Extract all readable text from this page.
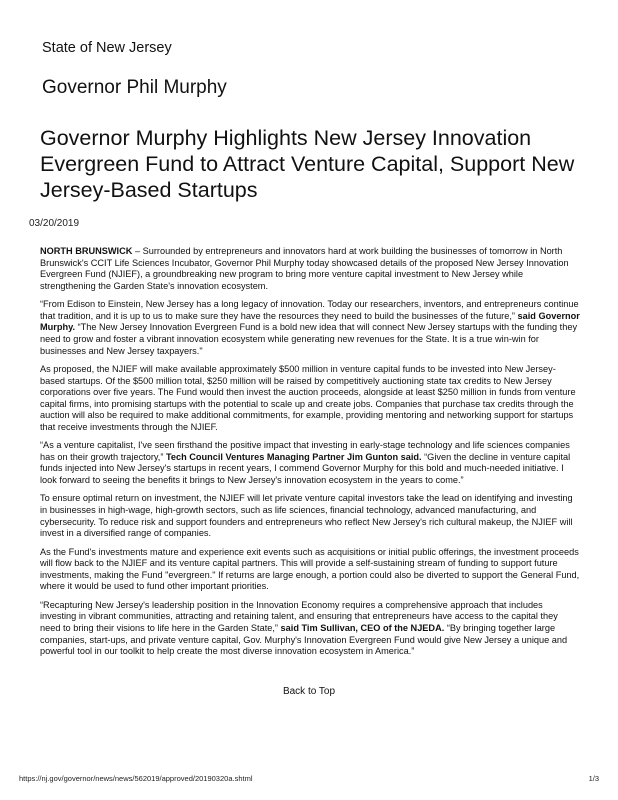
State of New Jersey
Governor Phil Murphy
Governor Murphy Highlights New Jersey Innovation Evergreen Fund to Attract Venture Capital, Support New Jersey-Based Startups
03/20/2019

NORTH BRUNSWICK – Surrounded by entrepreneurs and innovators hard at work building the businesses of tomorrow in North Brunswick's CCIT Life Sciences Incubator, Governor Phil Murphy today showcased details of the proposed New Jersey Innovation Evergreen Fund (NJIEF), a groundbreaking new program to bring more venture capital investment to New Jersey while strengthening the Garden State's innovation ecosystem.

“From Edison to Einstein, New Jersey has a long legacy of innovation. Today our researchers, inventors, and entrepreneurs continue that tradition, and it is up to us to make sure they have the resources they need to build the businesses of the future,” said Governor Murphy. “The New Jersey Innovation Evergreen Fund is a bold new idea that will connect New Jersey startups with the funding they need to grow and foster a vibrant innovation ecosystem while generating new revenues for the State. It is a true win-win for businesses and New Jersey taxpayers."

As proposed, the NJIEF will make available approximately $500 million in venture capital funds to be invested into New Jersey-based startups. Of the $500 million total, $250 million will be raised by competitively auctioning state tax credits to New Jersey corporations over five years. The Fund would then invest the auction proceeds, alongside at least $250 million in funds from venture capital firms, into promising startups with the potential to scale up and create jobs. Companies that purchase tax credits through the auction will also be required to make additional commitments, for example, providing mentoring and networking support for startups that receive investments through the NJIEF.

“As a venture capitalist, I've seen firsthand the positive impact that investing in early-stage technology and life sciences companies has on their growth trajectory,” Tech Council Ventures Managing Partner Jim Gunton said. “Given the decline in venture capital funds injected into New Jersey's startups in recent years, I commend Governor Murphy for this bold and much-needed initiative. I look forward to seeing the benefits it brings to New Jersey's innovation ecosystem in the years to come.”

To ensure optimal return on investment, the NJIEF will let private venture capital investors take the lead on identifying and investing in businesses in high-wage, high-growth sectors, such as life sciences, financial technology, advanced manufacturing, and cybersecurity. To reduce risk and support founders and entrepreneurs who reflect New Jersey's rich cultural makeup, the NJIEF will invest in a diversified range of companies.

As the Fund's investments mature and experience exit events such as acquisitions or initial public offerings, the investment proceeds will flow back to the NJIEF and its venture capital partners. This will provide a self-sustaining stream of funding to support future investments, making the Fund "evergreen." If returns are large enough, a portion could also be diverted to support the General Fund, where it would be used to fund other important priorities.

“Recapturing New Jersey's leadership position in the Innovation Economy requires a comprehensive approach that includes investing in vibrant communities, attracting and retaining talent, and ensuring that entrepreneurs have access to the capital they need to bring their visions to life here in the Garden State,” said Tim Sullivan, CEO of the NJEDA. “By bringing together large companies, start-ups, and private venture capital, Gov. Murphy's Innovation Evergreen Fund would give New Jersey a unique and powerful tool in our toolkit to help create the most diverse innovation ecosystem in America.”

Back to Top
https://nj.gov/governor/news/news/562019/approved/20190320a.shtml	1/3
